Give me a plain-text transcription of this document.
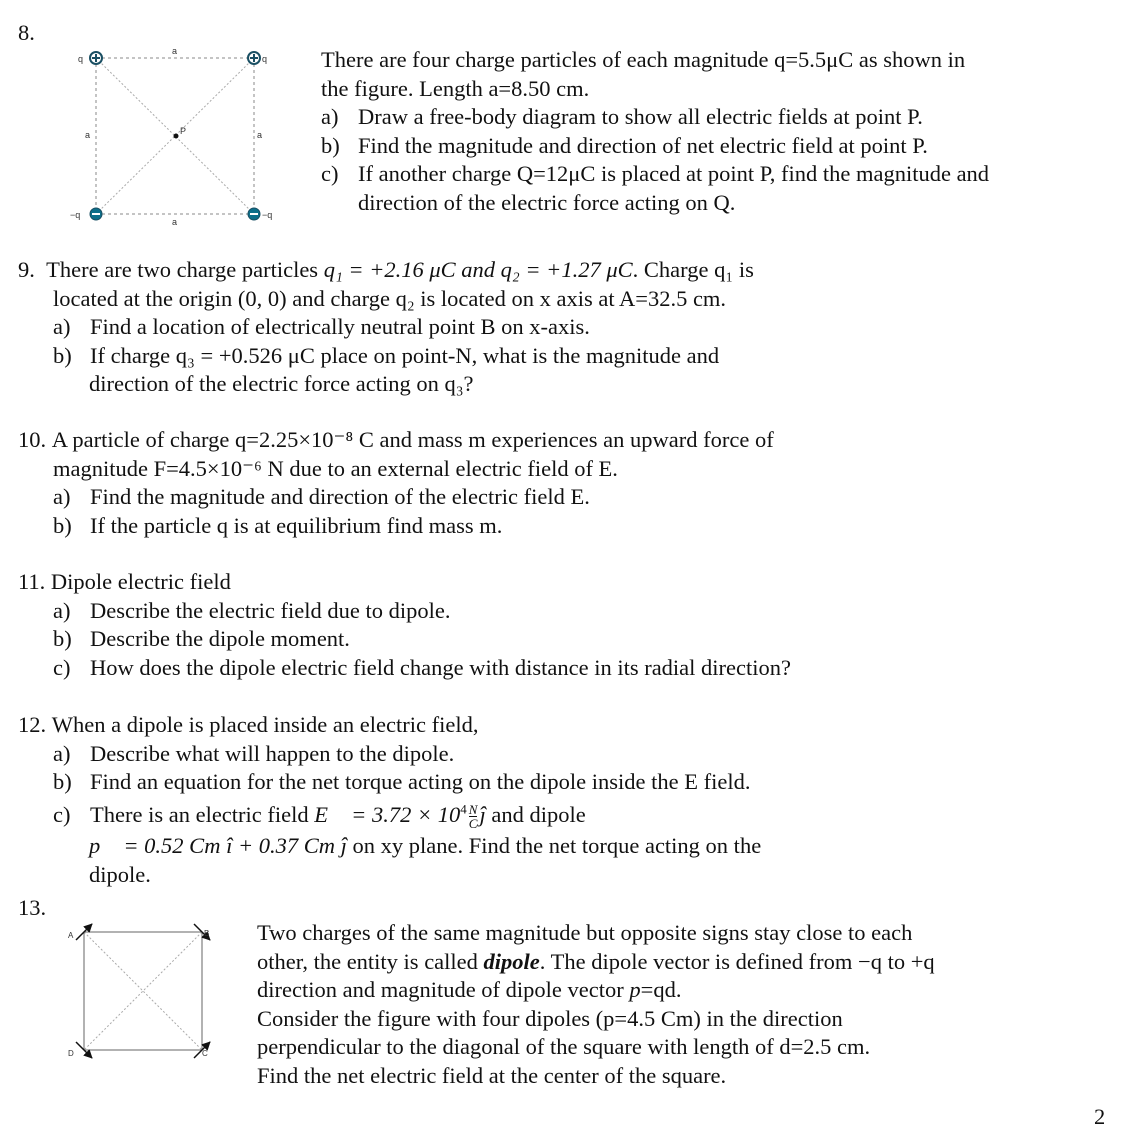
8.
P
a
a
a	a
q	q
−q	−q
There are four charge particles of each magnitude q=5.5μC as shown in
the figure. Length a=8.50 cm.
a) Draw a free-body diagram to show all electric fields at point P.
b) Find the magnitude and direction of net electric field at point P.
c) If another charge Q=12μC is placed at point P, find the magnitude and
direction of the electric force acting on Q.
9. There are two charge particles q₁ = +2.16 μC and q₂ = +1.27 μC. Charge q₁ is
located at the origin (0, 0) and charge q₂ is located on x axis at A=32.5 cm.
a) Find a location of electrically neutral point B on x-axis.
b) If charge q₃ = +0.526 μC place on point-N, what is the magnitude and
direction of the electric force acting on q₃?
10. A particle of charge q=2.25×10⁻⁸ C and mass m experiences an upward force of
magnitude F=4.5×10⁻⁶ N due to an external electric field of E.
a) Find the magnitude and direction of the electric field E.
b) If the particle q is at equilibrium find mass m.
11. Dipole electric field
a) Describe the electric field due to dipole.
b) Describe the dipole moment.
c) How does the dipole electric field change with distance in its radial direction?
12. When a dipole is placed inside an electric field,
a) Describe what will happen to the dipole.
b) Find an equation for the net torque acting on the dipole inside the E field.
c) There is an electric field E⃗ = $3.72 \times 10^4 \frac{N}{C}$ ĵ and dipole
p⃗ = 0.52 Cm î + 0.37 Cm ĵ on xy plane. Find the net torque acting on the
dipole.
13.
A	B
C
D
Two charges of the same magnitude but opposite signs stay close to each
other, the entity is called dipole. The dipole vector is defined from −q to +q
direction and magnitude of dipole vector p=qd.
Consider the figure with four dipoles (p=4.5 Cm) in the direction
perpendicular to the diagonal of the square with length of d=2.5 cm.
Find the net electric field at the center of the square.
2
